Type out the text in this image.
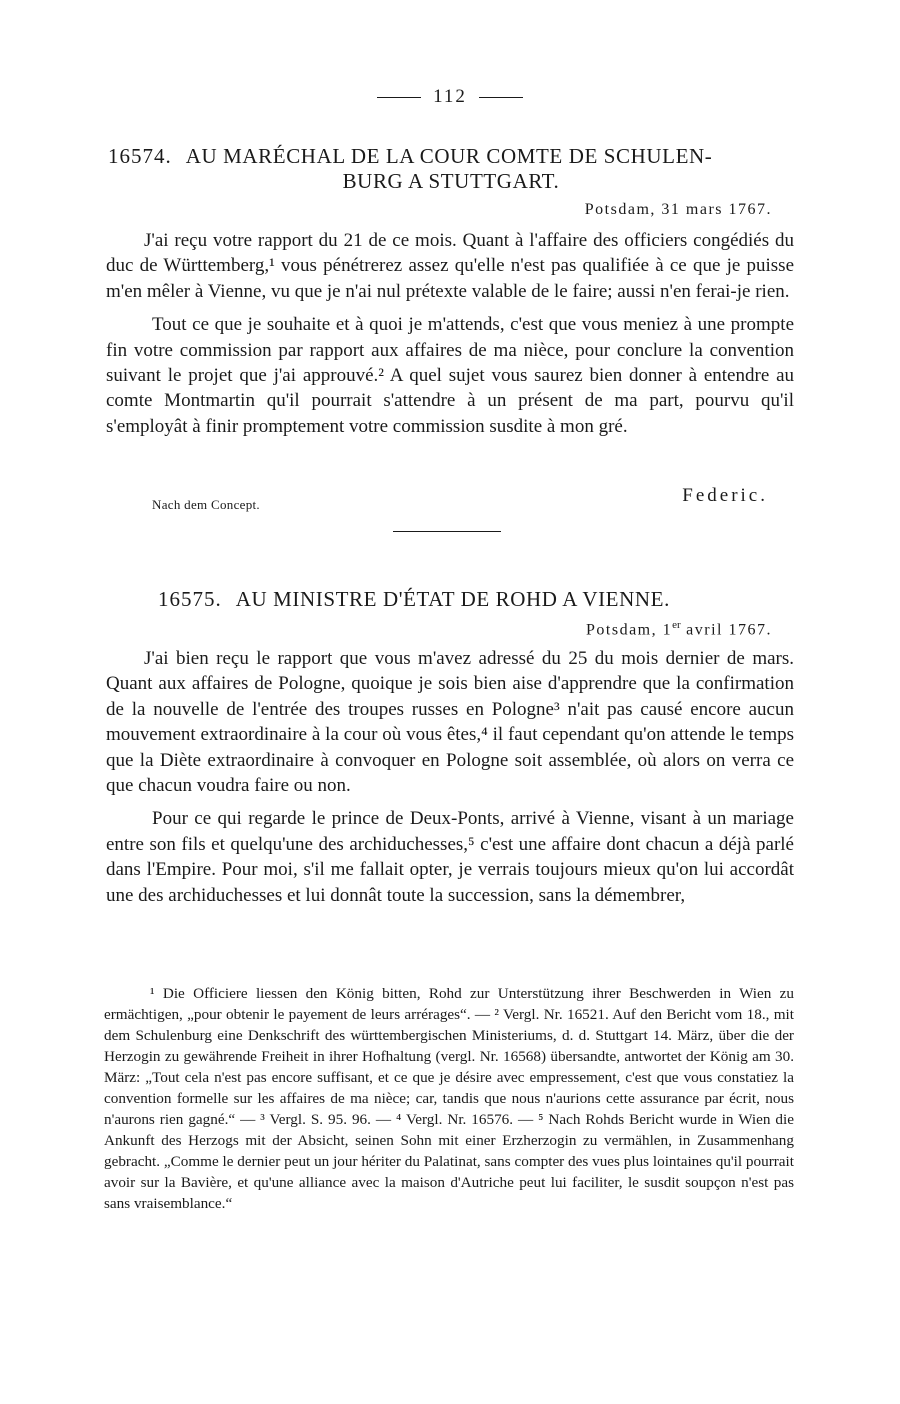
112
16574. AU MARÉCHAL DE LA COUR COMTE DE SCHULEN-
BURG A STUTTGART.
Potsdam, 31 mars 1767.

J'ai reçu votre rapport du 21 de ce mois. Quant à l'affaire des officiers congédiés du duc de Württemberg,¹ vous pénétrerez assez qu'elle n'est pas qualifiée à ce que je puisse m'en mêler à Vienne, vu que je n'ai nul prétexte valable de le faire; aussi n'en ferai-je rien.

Tout ce que je souhaite et à quoi je m'attends, c'est que vous meniez à une prompte fin votre commission par rapport aux affaires de ma nièce, pour conclure la convention suivant le projet que j'ai approuvé.² A quel sujet vous saurez bien donner à entendre au comte Montmartin qu'il pourrait s'attendre à un présent de ma part, pourvu qu'il s'employât à finir promptement votre commission susdite à mon gré.

Nach dem Concept.	Federic.
16575. AU MINISTRE D'ÉTAT DE ROHD A VIENNE.
Potsdam, 1er avril 1767.

J'ai bien reçu le rapport que vous m'avez adressé du 25 du mois dernier de mars. Quant aux affaires de Pologne, quoique je sois bien aise d'apprendre que la confirmation de la nouvelle de l'entrée des troupes russes en Pologne³ n'ait pas causé encore aucun mouvement extraordinaire à la cour où vous êtes,⁴ il faut cependant qu'on attende le temps que la Diète extraordinaire à convoquer en Pologne soit assemblée, où alors on verra ce que chacun voudra faire ou non.

Pour ce qui regarde le prince de Deux-Ponts, arrivé à Vienne, visant à un mariage entre son fils et quelqu'une des archiduchesses,⁵ c'est une affaire dont chacun a déjà parlé dans l'Empire. Pour moi, s'il me fallait opter, je verrais toujours mieux qu'on lui accordât une des archiduchesses et lui donnât toute la succession, sans la démembrer,

¹ Die Officiere liessen den König bitten, Rohd zur Unterstützung ihrer Beschwerden in Wien zu ermächtigen, „pour obtenir le payement de leurs arrérages“. — ² Vergl. Nr. 16521. Auf den Bericht vom 18., mit dem Schulenburg eine Denkschrift des württembergischen Ministeriums, d. d. Stuttgart 14. März, über die der Herzogin zu gewährende Freiheit in ihrer Hofhaltung (vergl. Nr. 16568) übersandte, antwortet der König am 30. März: „Tout cela n'est pas encore suffisant, et ce que je désire avec empressement, c'est que vous constatiez la convention formelle sur les affaires de ma nièce; car, tandis que nous n'aurions cette assurance par écrit, nous n'aurons rien gagné.“ — ³ Vergl. S. 95. 96. — ⁴ Vergl. Nr. 16576. — ⁵ Nach Rohds Bericht wurde in Wien die Ankunft des Herzogs mit der Absicht, seinen Sohn mit einer Erzherzogin zu vermählen, in Zusammenhang gebracht. „Comme le dernier peut un jour hériter du Palatinat, sans compter des vues plus lointaines qu'il pourrait avoir sur la Bavière, et qu'une alliance avec la maison d'Autriche peut lui faciliter, le susdit soupçon n'est pas sans vraisemblance.“
